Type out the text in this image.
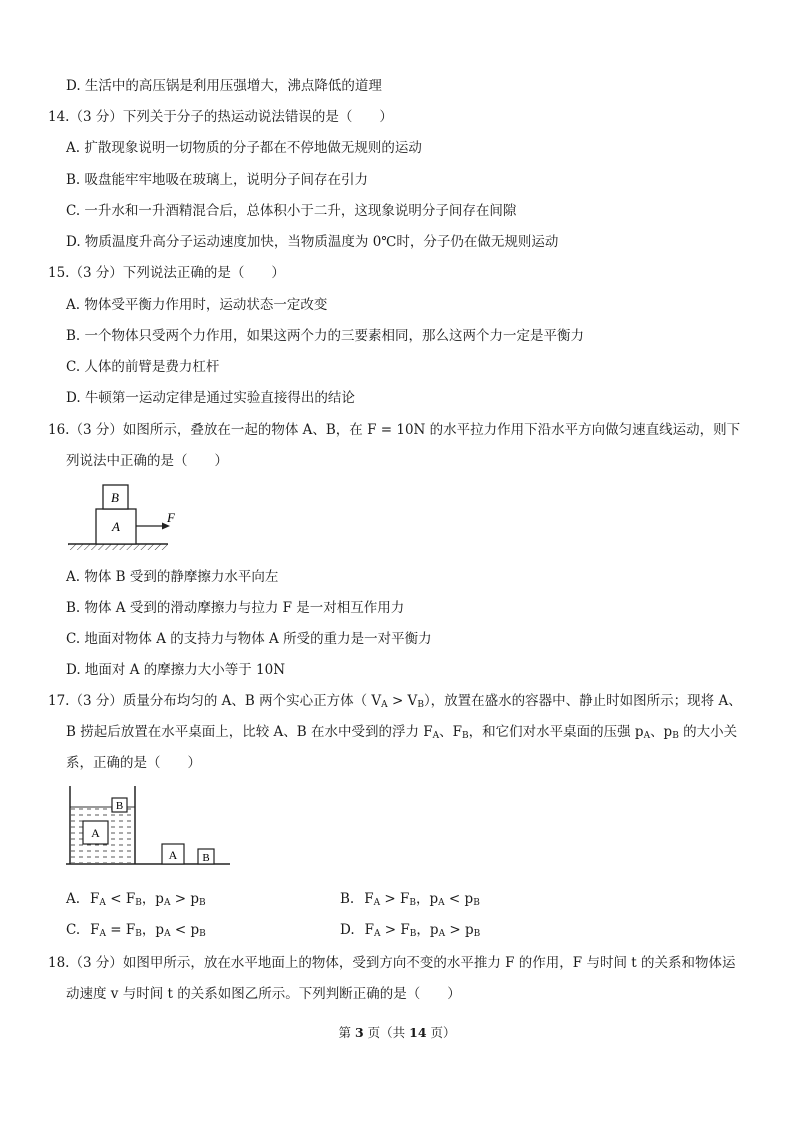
D. 生活中的高压锅是利用压强增大，沸点降低的道理
14.（3 分）下列关于分子的热运动说法错误的是（　　）
A. 扩散现象说明一切物质的分子都在不停地做无规则的运动
B. 吸盘能牢牢地吸在玻璃上，说明分子间存在引力
C. 一升水和一升酒精混合后，总体积小于二升，这现象说明分子间存在间隙
D. 物质温度升高分子运动速度加快，当物质温度为 0℃时，分子仍在做无规则运动
15.（3 分）下列说法正确的是（　　）
A. 物体受平衡力作用时，运动状态一定改变
B. 一个物体只受两个力作用，如果这两个力的三要素相同，那么这两个力一定是平衡力
C. 人体的前臂是费力杠杆
D. 牛顿第一运动定律是通过实验直接得出的结论
16.（3 分）如图所示，叠放在一起的物体 A、B，在 F = 10N 的水平拉力作用下沿水平方向做匀速直线运动，则下
列说法中正确的是（　　）
A. 物体 B 受到的静摩擦力水平向左
B. 物体 A 受到的滑动摩擦力与拉力 F 是一对相互作用力
C. 地面对物体 A 的支持力与物体 A 所受的重力是一对平衡力
D. 地面对 A 的摩擦力大小等于 10N
B
A
F
B
A
A B
17.（3 分）质量分布均匀的 A、B 两个实心正方体（ $V_A > V_B$），放置在盛水的容器中、静止时如图所示；现将 A、
B 捞起后放置在水平桌面上，比较 A、B 在水中受到的浮力 $F_A$、$F_B$，和它们对水平桌面的压强 $p_A$、$p_B$ 的大小关
系，正确的是（　　）
A. $F_A < F_B$，$p_A > p_B$	B. $F_A > F_B$，$p_A < p_B$
C. $F_A = F_B$，$p_A < p_B$	D. $F_A > F_B$，$p_A > p_B$
18.（3 分）如图甲所示，放在水平地面上的物体，受到方向不变的水平推力 F 的作用，F 与时间 t 的关系和物体运
动速度 v 与时间 t 的关系如图乙所示。下列判断正确的是（　　）
第 3 页（共 14 页）
